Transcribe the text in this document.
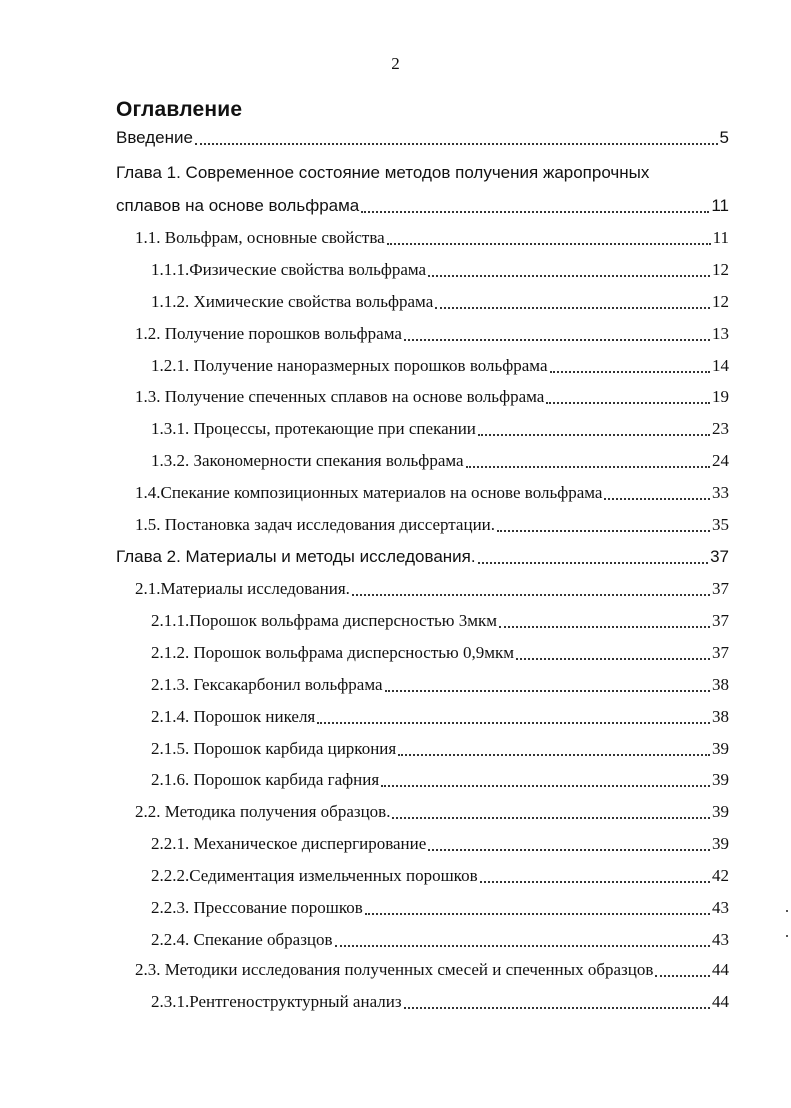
2
Оглавление
Введение	5
Глава 1. Современное состояние методов получения жаропрочных
сплавов на основе вольфрама	11
1.1. Вольфрам, основные свойства	11
1.1.1.Физические свойства вольфрама	12
1.1.2. Химические свойства вольфрама	12
1.2. Получение порошков вольфрама	13
1.2.1. Получение наноразмерных порошков вольфрама	14
1.3. Получение спеченных сплавов на основе вольфрама	19
1.3.1. Процессы, протекающие при спекании	23
1.3.2. Закономерности спекания вольфрама	24
1.4.Спекание композиционных материалов на основе вольфрама	33
1.5. Постановка задач исследования диссертации.	35
Глава 2. Материалы и методы исследования.	37
2.1.Материалы исследования.	37
2.1.1.Порошок вольфрама дисперсностью 3мкм	37
2.1.2. Порошок вольфрама дисперсностью 0,9мкм	37
2.1.3. Гексакарбонил вольфрама	38
2.1.4. Порошок никеля	38
2.1.5. Порошок карбида циркония	39
2.1.6. Порошок карбида гафния	39
2.2. Методика получения образцов.	39
2.2.1. Механическое диспергирование	39
2.2.2.Седиментация измельченных порошков	42
2.2.3. Прессование порошков	43
2.2.4. Спекание образцов	43
2.3. Методики исследования полученных смесей и спеченных образцов	44
2.3.1.Рентгеноструктурный анализ	44
